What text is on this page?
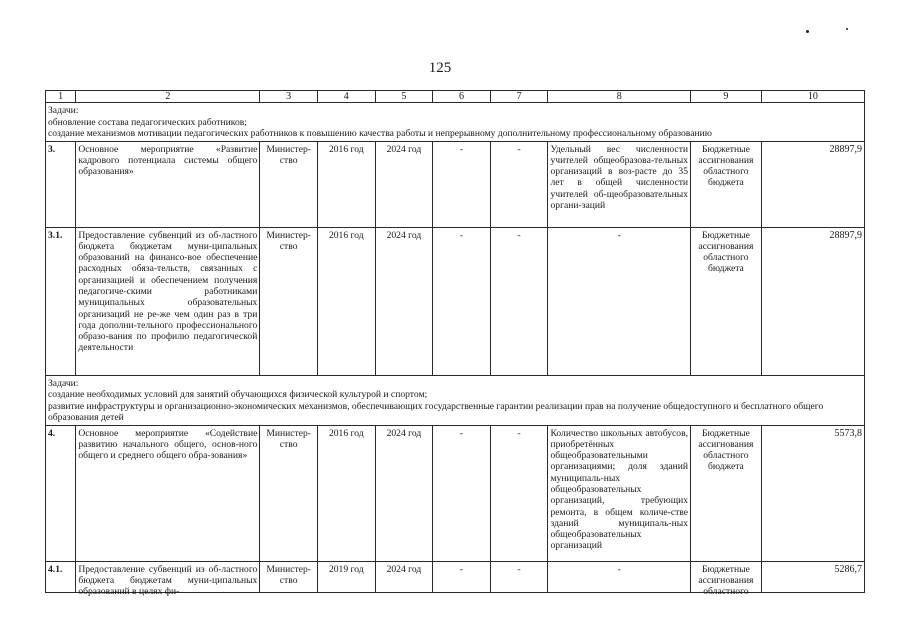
125
1	2	3	4	5	6	7	8	9	10

Задачи:
обновление состава педагогических работников;
создание механизмов мотивации педагогических работников к повышению качества работы и непрерывному дополнительному профессиональному образованию									

3.	Основное мероприятие «Развитие кадрового потенциала системы общего образования»	Министер-ство	2016 год	2024 год	-	-	Удельный вес численности учителей общеобразова-тельных организаций в воз-расте до 35 лет в общей численности учителей об-щеобразовательных органи-заций	Бюджетные ассигнования областного бюджета	28897,9
3.1.	Предоставление субвенций из об-ластного бюджета бюджетам муни-ципальных образований на финансо-вое обеспечение расходных обяза-тельств, связанных с организацией и обеспечением получения педагогиче-скими работниками муниципальных образовательных организаций не ре-же чем один раз в три года дополни-тельного профессионального образо-вания по профилю педагогической деятельности	Министер-ство	2016 год	2024 год	-	-	-	Бюджетные ассигнования областного бюджета	28897,9

Задачи:
создание необходимых условий для занятий обучающихся физической культурой и спортом;
развитие инфраструктуры и организационно-экономических механизмов, обеспечивающих государственные гарантии реализации прав на получение общедоступного и бесплатного общего образования детей									

4.	Основное мероприятие «Содействие развитию начального общего, основ-ного общего и среднего общего обра-зования»	Министер-ство	2016 год	2024 год	-	-	Количество школьных автобусов, приобретённых общеобразовательными организациями; доля зданий муниципаль-ных общеобразовательных организаций, требующих ремонта, в общем количе-стве зданий муниципаль-ных общеобразовательных организаций	Бюджетные ассигнования областного бюджета	5573,8

4.1.	Предоставление субвенций из об-ластного бюджета бюджетам муни-ципальных образований в целях фи-	Министер-ство	2019 год	2024 год	-	-	-	Бюджетные ассигнования областного	5286,7
